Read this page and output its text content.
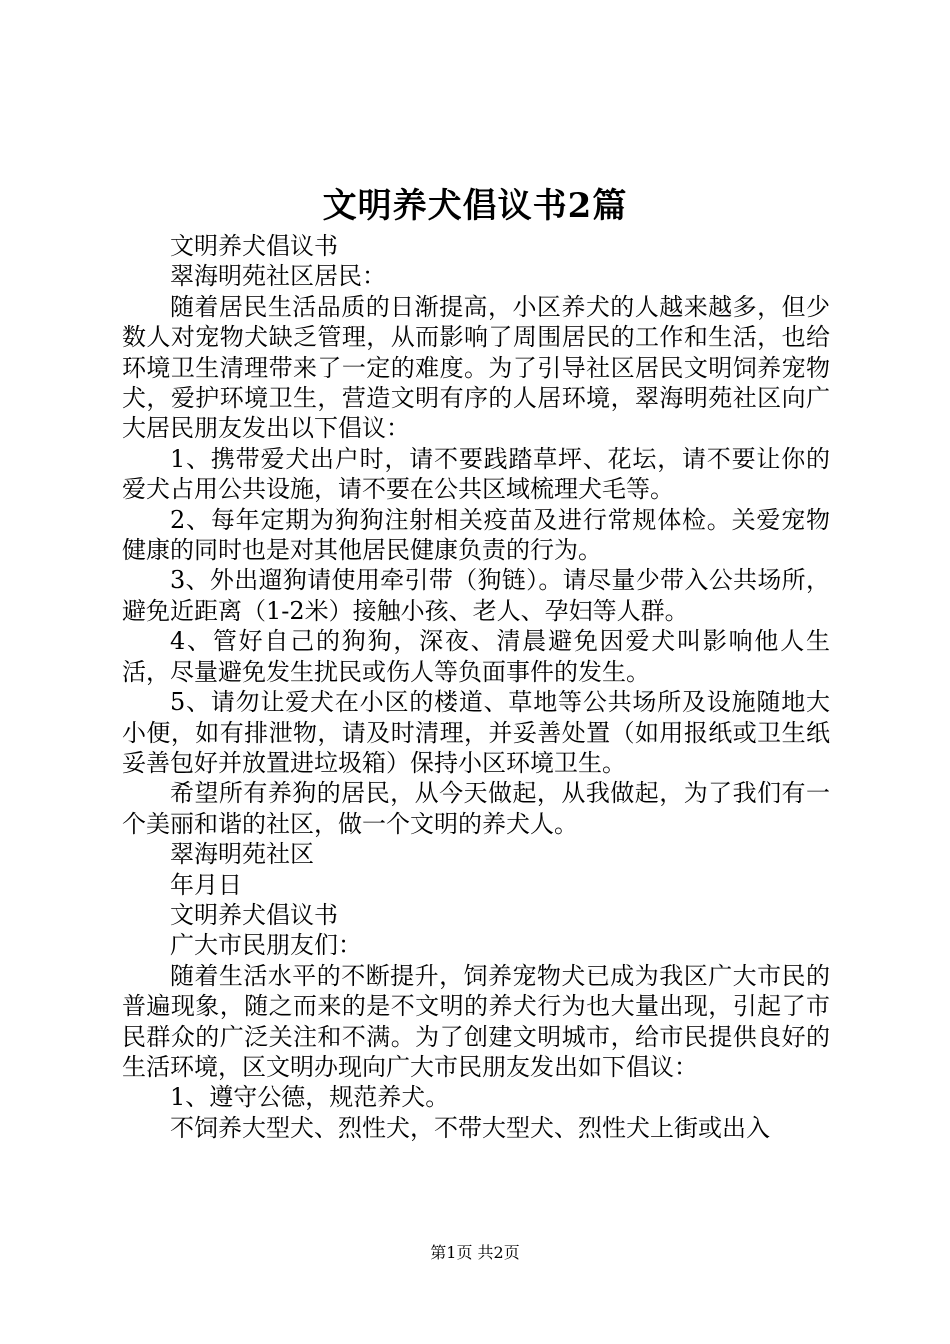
文明养犬倡议书2篇

文明养犬倡议书

翠海明苑社区居民：

随着居民生活品质的日渐提高，小区养犬的人越来越多，但少数人对宠物犬缺乏管理，从而影响了周围居民的工作和生活，也给环境卫生清理带来了一定的难度。为了引导社区居民文明饲养宠物犬，爱护环境卫生，营造文明有序的人居环境，翠海明苑社区向广大居民朋友发出以下倡议：

1、携带爱犬出户时，请不要践踏草坪、花坛，请不要让你的爱犬占用公共设施，请不要在公共区域梳理犬毛等。

2、每年定期为狗狗注射相关疫苗及进行常规体检。关爱宠物健康的同时也是对其他居民健康负责的行为。

3、外出遛狗请使用牵引带（狗链）。请尽量少带入公共场所，避免近距离（1-2米）接触小孩、老人、孕妇等人群。

4、管好自己的狗狗，深夜、清晨避免因爱犬叫影响他人生活，尽量避免发生扰民或伤人等负面事件的发生。

5、请勿让爱犬在小区的楼道、草地等公共场所及设施随地大小便，如有排泄物，请及时清理，并妥善处置（如用报纸或卫生纸妥善包好并放置进垃圾箱）保持小区环境卫生。

希望所有养狗的居民，从今天做起，从我做起，为了我们有一个美丽和谐的社区，做一个文明的养犬人。

翠海明苑社区

年月日

文明养犬倡议书

广大市民朋友们：

随着生活水平的不断提升，饲养宠物犬已成为我区广大市民的普遍现象，随之而来的是不文明的养犬行为也大量出现，引起了市民群众的广泛关注和不满。为了创建文明城市，给市民提供良好的生活环境，区文明办现向广大市民朋友发出如下倡议：

1、遵守公德，规范养犬。

不饲养大型犬、烈性犬，不带大型犬、烈性犬上街或出入

第1页 共2页
